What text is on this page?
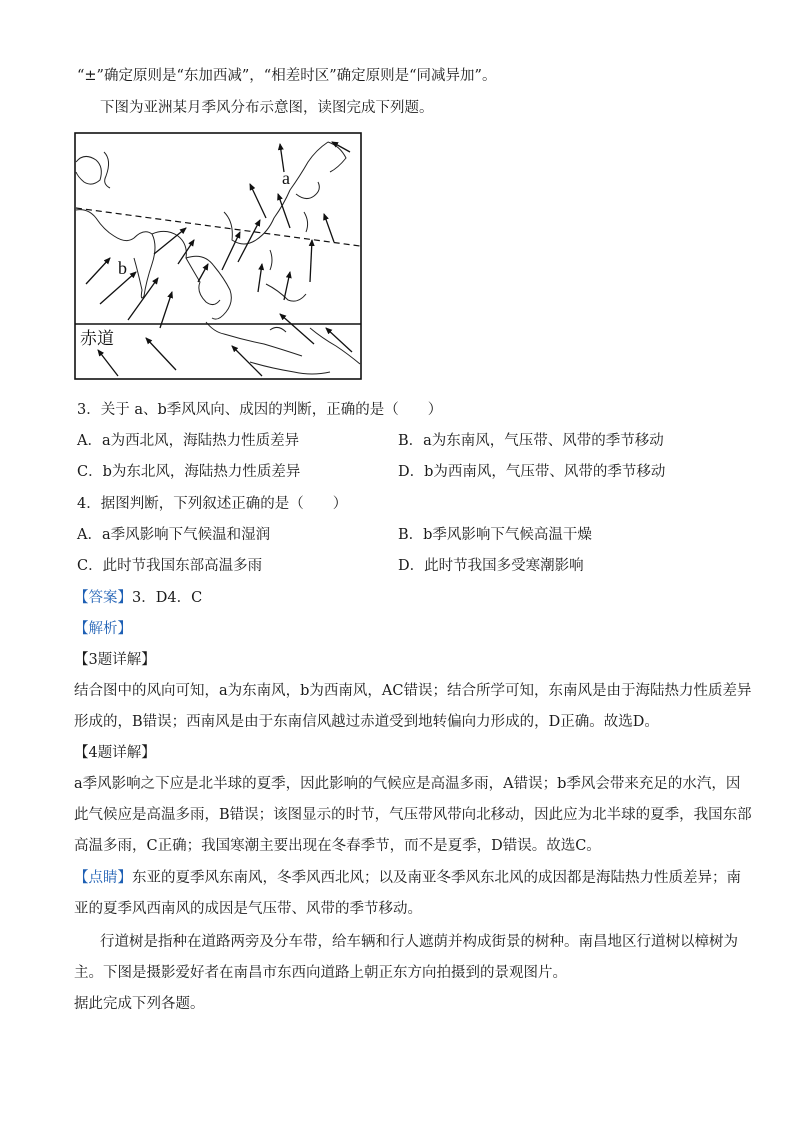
“±”确定原则是“东加西减”，“相差时区”确定原则是“同减异加”。
下图为亚洲某月季风分布示意图，读图完成下列题。
a
b
赤道
3．关于 a、b季风风向、成因的判断，正确的是（　　）
A．a为西北风，海陆热力性质差异	B．a为东南风，气压带、风带的季节移动
C．b为东北风，海陆热力性质差异	D．b为西南风，气压带、风带的季节移动
4．据图判断，下列叙述正确的是（　　）
A．a季风影响下气候温和湿润	B．b季风影响下气候高温干燥
C．此时节我国东部高温多雨	D．此时节我国多受寒潮影响
【答案】3．D4．C
【解析】
【3题详解】
结合图中的风向可知，a为东南风，b为西南风，AC错误；结合所学可知，东南风是由于海陆热力性质差异
形成的，B错误；西南风是由于东南信风越过赤道受到地转偏向力形成的，D正确。故选D。
【4题详解】
a季风影响之下应是北半球的夏季，因此影响的气候应是高温多雨，A错误；b季风会带来充足的水汽，因
此气候应是高温多雨，B错误；该图显示的时节，气压带风带向北移动，因此应为北半球的夏季，我国东部
高温多雨，C正确；我国寒潮主要出现在冬春季节，而不是夏季，D错误。故选C。
【点睛】东亚的夏季风东南风，冬季风西北风；以及南亚冬季风东北风的成因都是海陆热力性质差异；南
亚的夏季风西南风的成因是气压带、风带的季节移动。
行道树是指种在道路两旁及分车带，给车辆和行人遮荫并构成街景的树种。南昌地区行道树以樟树为
主。下图是摄影爱好者在南昌市东西向道路上朝正东方向拍摄到的景观图片。
据此完成下列各题。
